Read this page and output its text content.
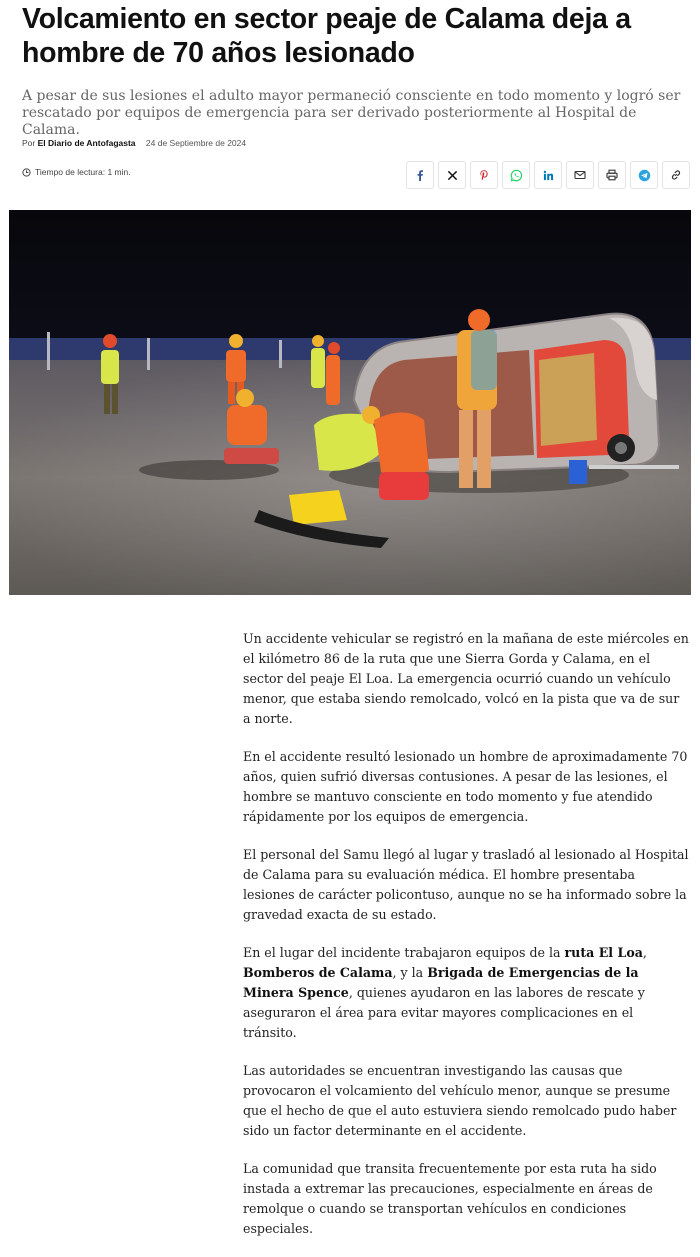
Volcamiento en sector peaje de Calama deja a hombre de 70 años lesionado

A pesar de sus lesiones el adulto mayor permaneció consciente en todo momento y logró ser rescatado por equipos de emergencia para ser derivado posteriormente al Hospital de Calama.

Por El Diario de Antofagasta 24 de Septiembre de 2024
Tiempo de lectura: 1 min.

Un accidente vehicular se registró en la mañana de este miércoles en el kilómetro 86 de la ruta que une Sierra Gorda y Calama, en el sector del peaje El Loa. La emergencia ocurrió cuando un vehículo menor, que estaba siendo remolcado, volcó en la pista que va de sur a norte.

En el accidente resultó lesionado un hombre de aproximadamente 70 años, quien sufrió diversas contusiones. A pesar de las lesiones, el hombre se mantuvo consciente en todo momento y fue atendido rápidamente por los equipos de emergencia.

El personal del Samu llegó al lugar y trasladó al lesionado al Hospital de Calama para su evaluación médica. El hombre presentaba lesiones de carácter policontuso, aunque no se ha informado sobre la gravedad exacta de su estado.

En el lugar del incidente trabajaron equipos de la ruta El Loa, Bomberos de Calama, y la Brigada de Emergencias de la Minera Spence, quienes ayudaron en las labores de rescate y aseguraron el área para evitar mayores complicaciones en el tránsito.

Las autoridades se encuentran investigando las causas que provocaron el volcamiento del vehículo menor, aunque se presume que el hecho de que el auto estuviera siendo remolcado pudo haber sido un factor determinante en el accidente.

La comunidad que transita frecuentemente por esta ruta ha sido instada a extremar las precauciones, especialmente en áreas de remolque o cuando se transportan vehículos en condiciones especiales.
